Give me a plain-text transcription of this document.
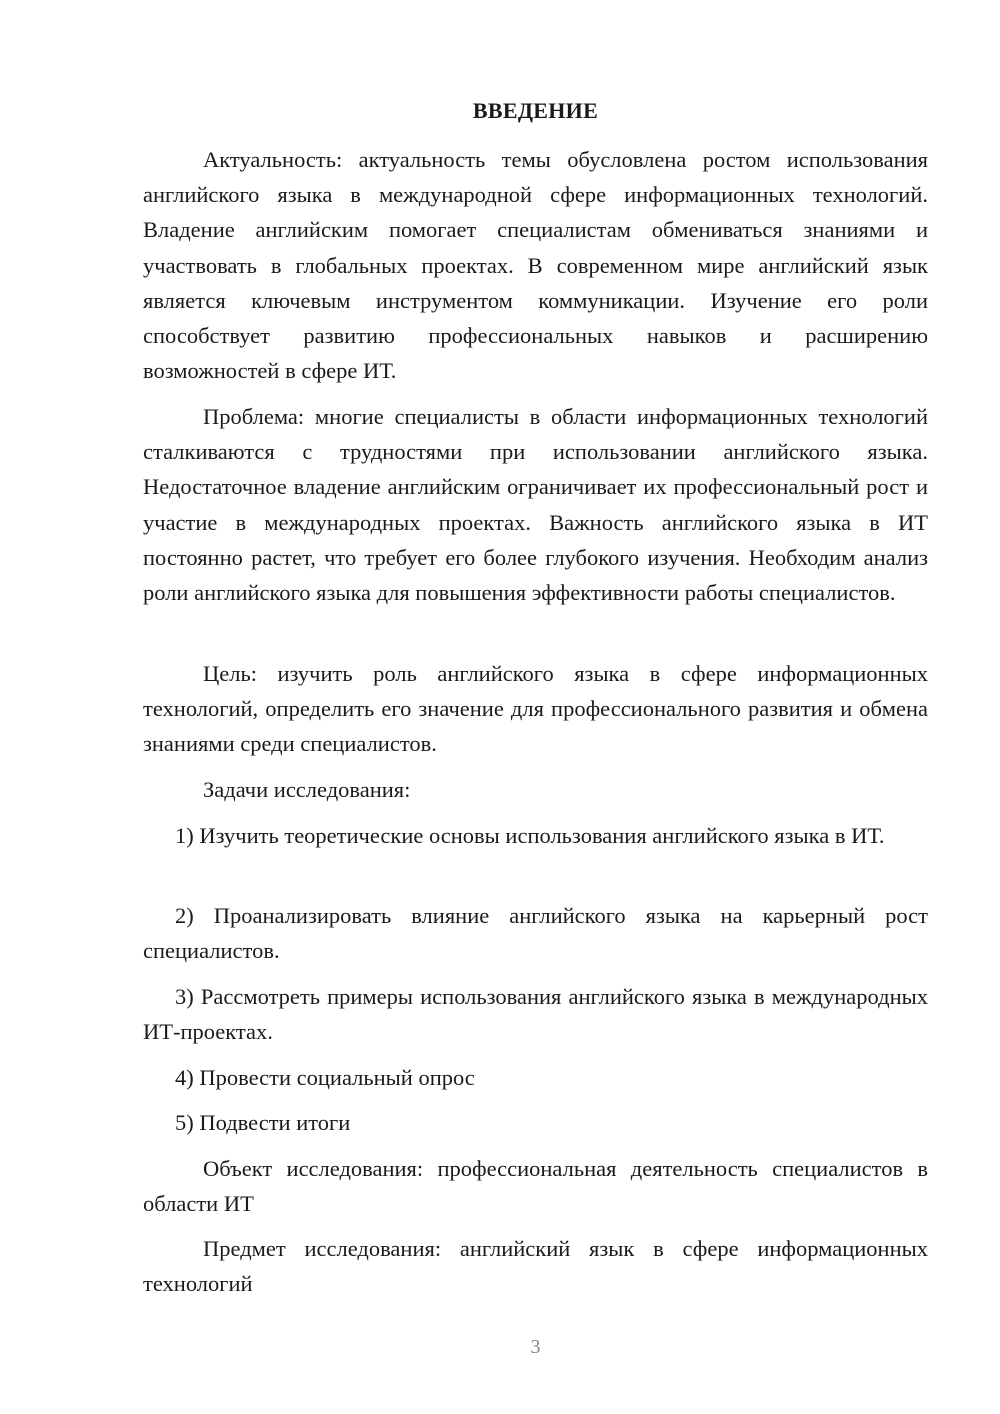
ВВЕДЕНИЕ

Актуальность: актуальность темы обусловлена ростом использования английского языка в международной сфере информационных технологий. Владение английским помогает специалистам обмениваться знаниями и участвовать в глобальных проектах. В современном мире английский язык является ключевым инструментом коммуникации. Изучение его роли способствует развитию профессиональных навыков и расширению возможностей в сфере ИТ.

Проблема: многие специалисты в области информационных технологий сталкиваются с трудностями при использовании английского языка. Недостаточное владение английским ограничивает их профессиональный рост и участие в международных проектах. Важность английского языка в ИТ постоянно растет, что требует его более глубокого изучения. Необходим анализ роли английского языка для повышения эффективности работы специалистов.

Цель: изучить роль английского языка в сфере информационных технологий, определить его значение для профессионального развития и обмена знаниями среди специалистов.

Задачи исследования:

1) Изучить теоретические основы использования английского языка в ИТ.

2) Проанализировать влияние английского языка на карьерный рост специалистов.

3) Рассмотреть примеры использования английского языка в международных ИТ-проектах.

4) Провести социальный опрос

5) Подвести итоги

Объект исследования: профессиональная деятельность специалистов в области ИТ

Предмет исследования: английский язык в сфере информационных технологий

3
